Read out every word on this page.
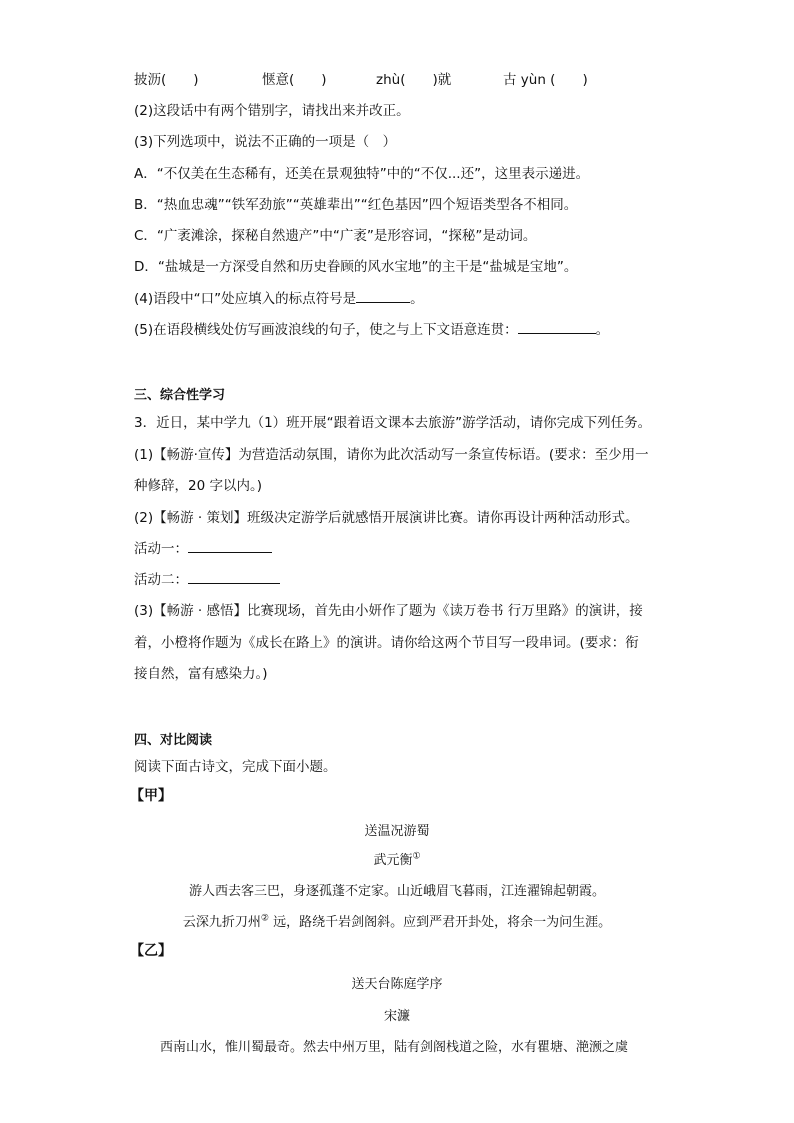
披沥(　　)	惬意(　　)	zhù(　　)就	古 yùn (　　)
(2)这段话中有两个错别字，请找出来并改正。
(3)下列选项中，说法不正确的一项是（　）
A．“不仅美在生态稀有，还美在景观独特”中的“不仅...还”，这里表示递进。
B．“热血忠魂”“铁军劲旅”“英雄辈出”“红色基因”四个短语类型各不相同。
C．“广袤滩涂，探秘自然遗产”中“广袤”是形容词，“探秘”是动词。
D．“盐城是一方深受自然和历史眷顾的风水宝地”的主干是“盐城是宝地”。
(4)语段中“口”处应填入的标点符号是	。
(5)在语段横线处仿写画波浪线的句子，使之与上下文语意连贯：	。
三、综合性学习
3．近日，某中学九（1）班开展“跟着语文课本去旅游”游学活动，请你完成下列任务。
(1)【畅游·宣传】为营造活动氛围，请你为此次活动写一条宣传标语。(要求：至少用一
种修辞，20 字以内。)
(2)【畅游 · 策划】班级决定游学后就感悟开展演讲比赛。请你再设计两种活动形式。
活动一：
活动二：
(3)【畅游 · 感悟】比赛现场，首先由小妍作了题为《读万卷书 行万里路》的演讲，接
着，小橙将作题为《成长在路上》的演讲。请你给这两个节目写一段串词。(要求：衔
接自然，富有感染力。)
四、对比阅读
阅读下面古诗文，完成下面小题。
【甲】
送温况游蜀
武元衡①
游人西去客三巴，身逐孤蓬不定家。山近峨眉飞暮雨，江连濯锦起朝霞。
云深九折刀州② 远，路绕千岩剑阁斜。应到严君开卦处，将余一为问生涯。
【乙】
送天台陈庭学序
宋濂
西南山水，惟川蜀最奇。然去中州万里，陆有剑阁栈道之险，水有瞿塘、滟滪之虞
